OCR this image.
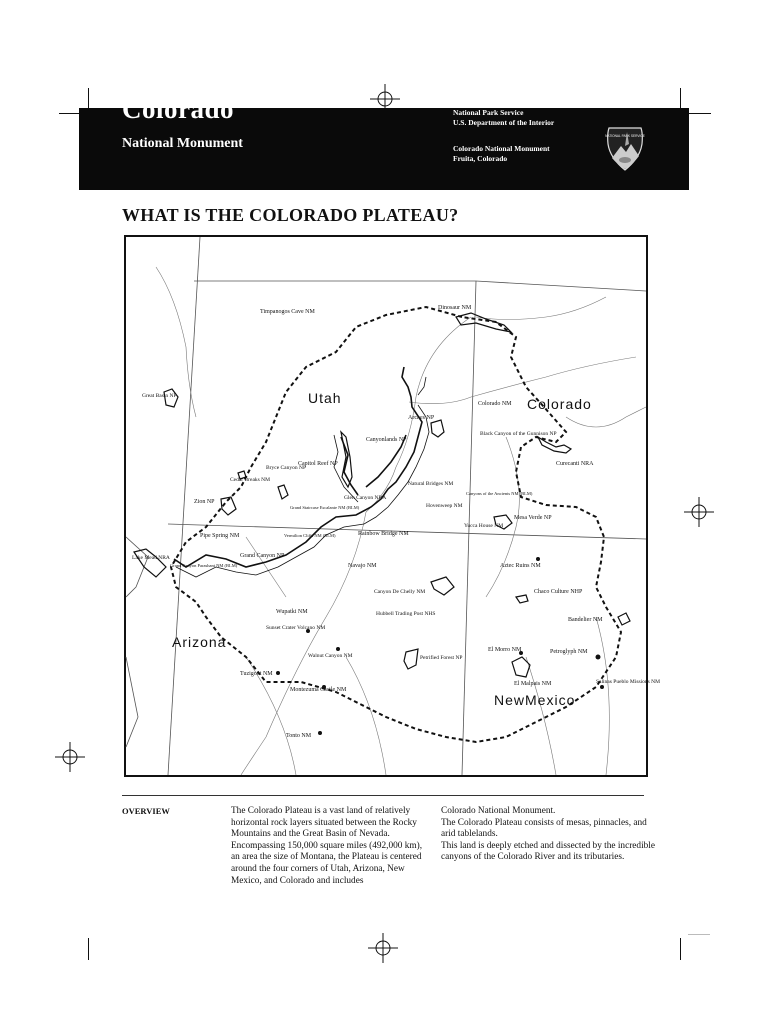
Colorado
National Monument
National Park Service
U.S. Department of the Interior
Colorado National Monument
Fruita, Colorado
NATIONAL PARK SERVICE
WHAT IS THE COLORADO PLATEAU?
Utah	Colorado
Arizona
NewMexico
Dinosaur NM
Timpanogos Cave NM
Great Basin NP
Colorado NM
Arches NP
Canyonlands NP
Black Canyon of the Gunnison NP
Curecanti NRA
Capitol Reef NP
Bryce Canyon NP
Cedar Breaks NM
Natural Bridges NM
Zion NP
Glen Canyon NRA
Grand Staircase Escalante NM (BLM)	Hovenweep NM
Canyons of the Ancients NM (BLM)
Mesa Verde NP
Yucca House NM
Pipe Spring NM	Vermilion Cliffs NM (BLM)	Rainbow Bridge NM
Grand Canyon NP
Lake Mead NRA
Grand Canyon Parashant NM (BLM)	Navajo NM	Aztec Ruins NM
Canyon De Chelly NM	Chaco Culture NHP
Hubbell Trading Post NHS
Wupatki NM
Sunset Crater Volcano NM
Bandelier NM
Walnut Canyon NM	Petrified Forest NP
El Morro NM	Petroglyph NM
Tuzigoot NM
El Malpais NM	Salinas Pueblo Missions NM
Montezuma Castle NM
Tonto NM
OVERVIEW	The Colorado Plateau is a vast land of relatively horizontal rock layers situated between the Rocky Mountains and the Great Basin of Nevada. Encompassing 150,000 square miles (492,000 km), an area the size of Montana, the Plateau is centered around the four corners of Utah, Arizona, New Mexico, and Colorado and includes

Colorado National Monument.

The Colorado Plateau consists of mesas, pinnacles, and arid tablelands.

This land is deeply etched and dissected by the incredible canyons of the Colorado River and its tributaries.
